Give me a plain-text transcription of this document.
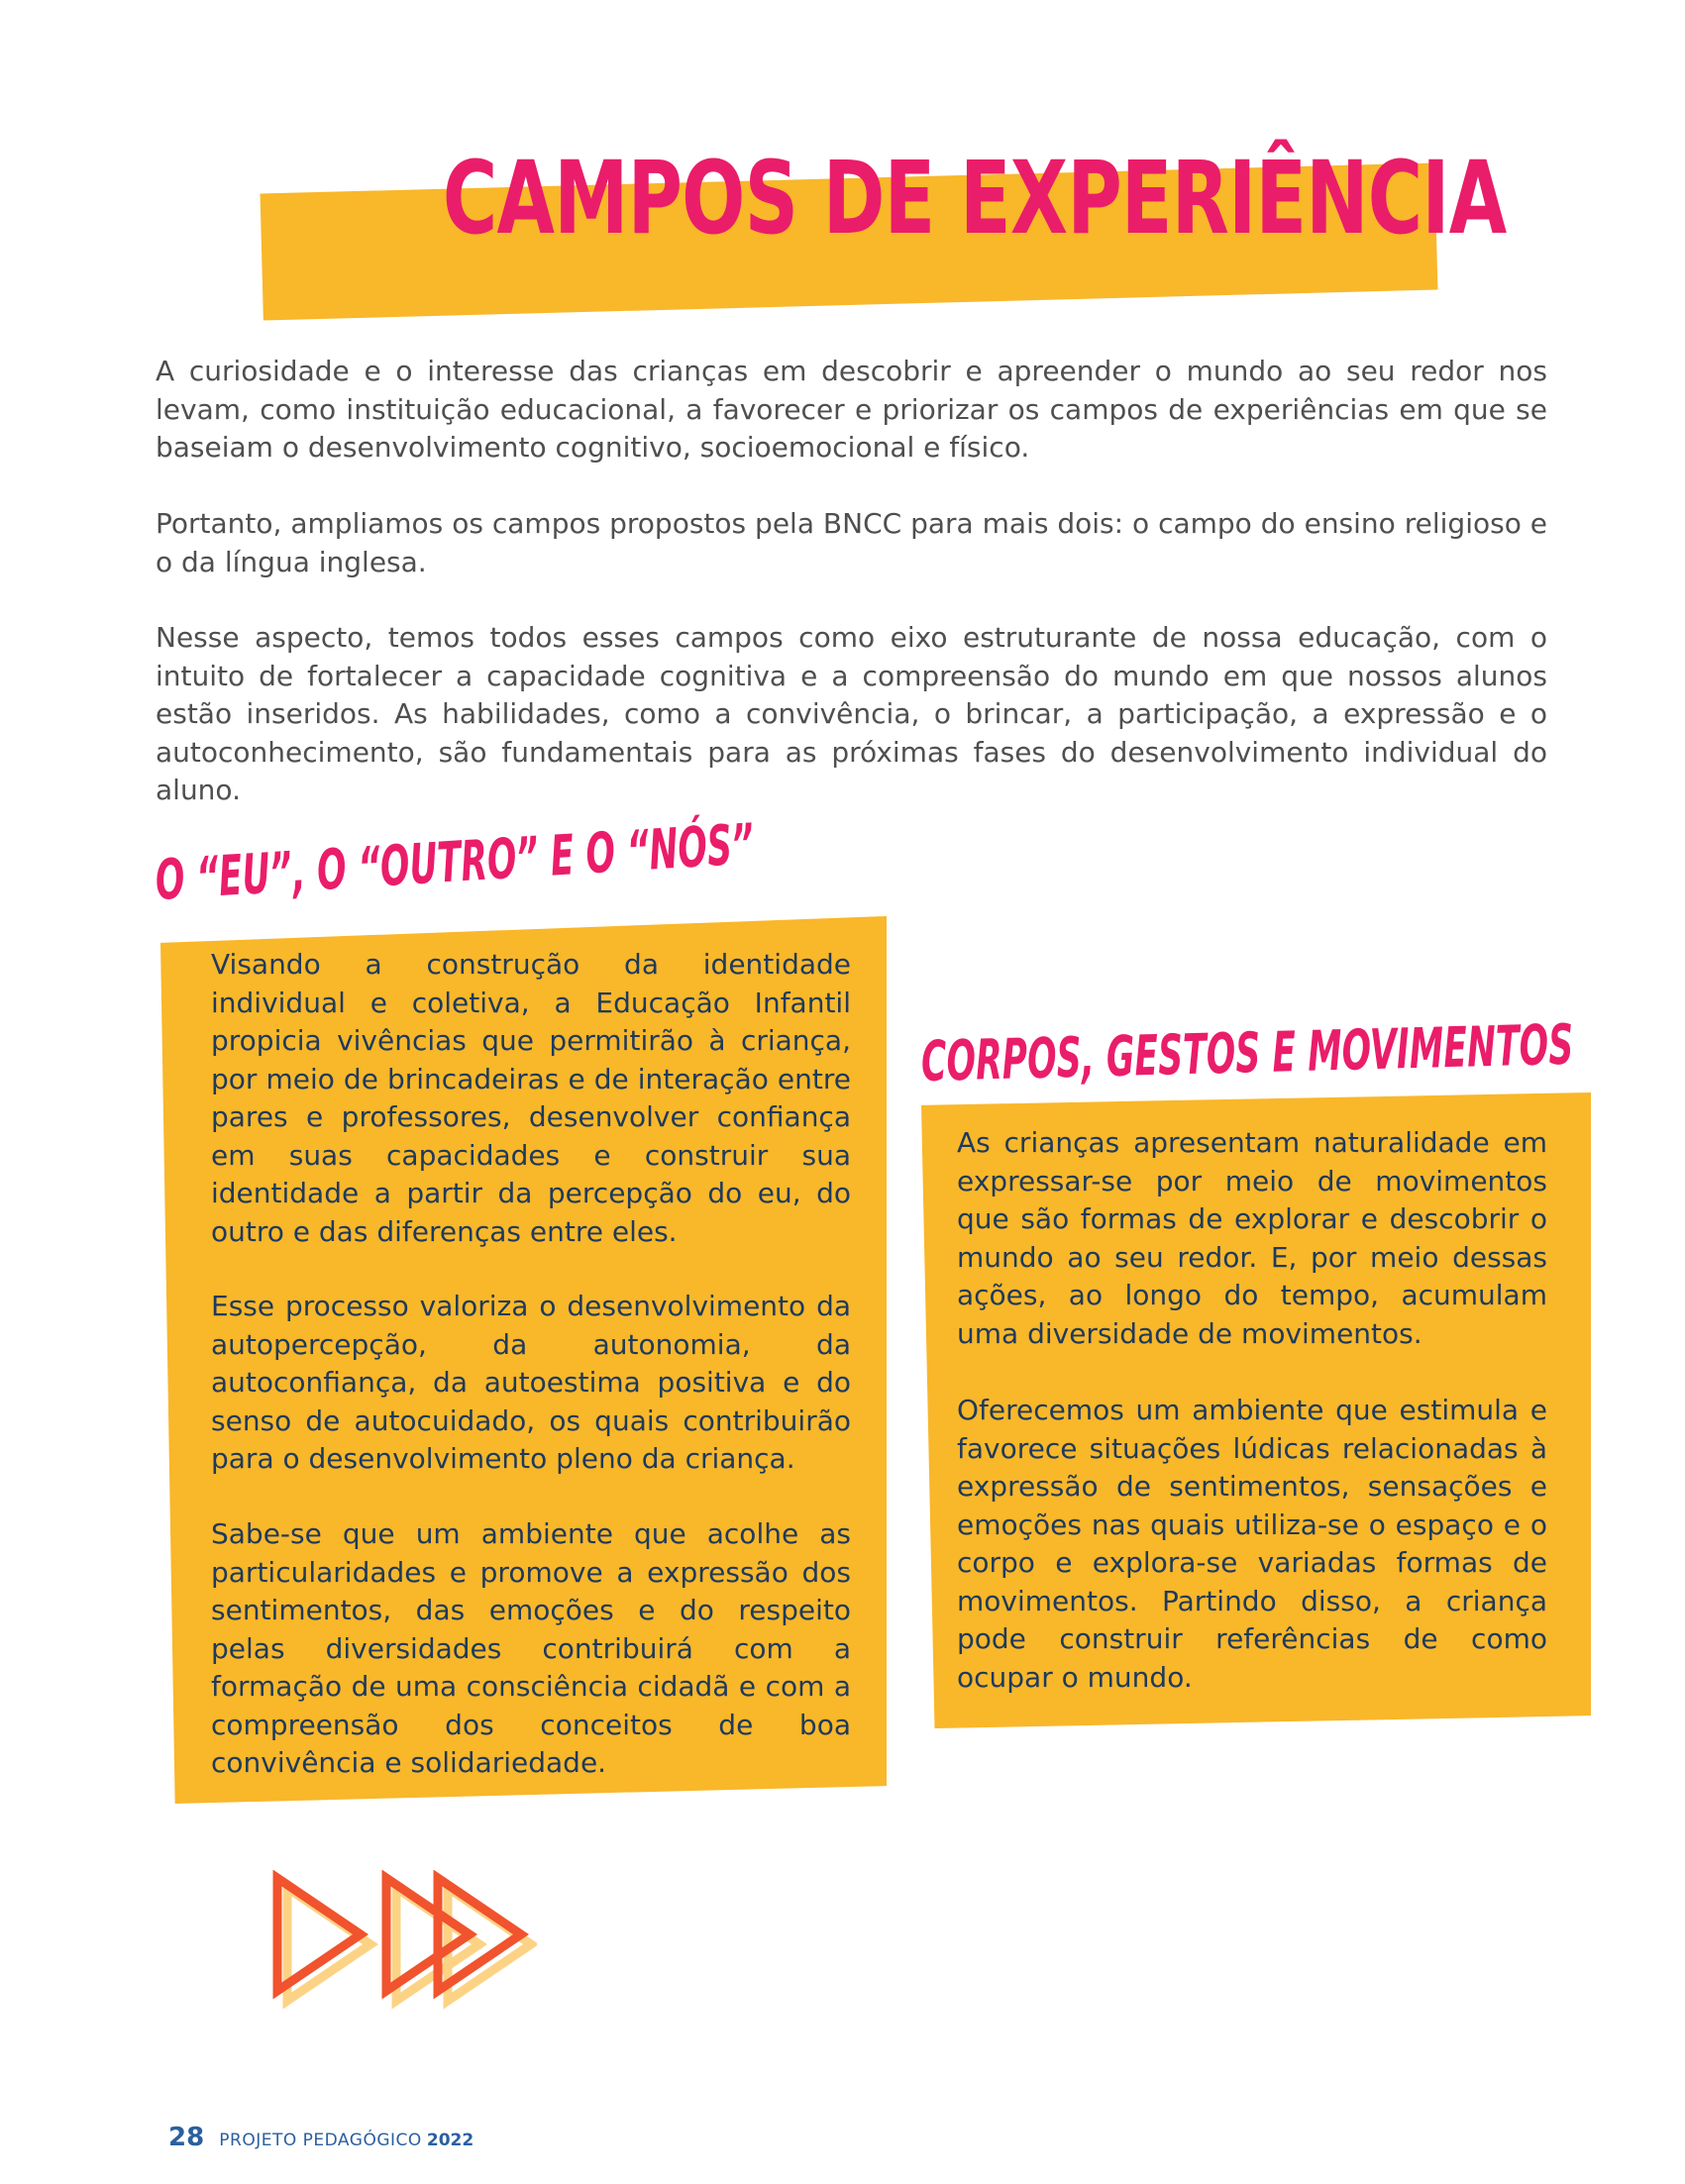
CAMPOS DE EXPERIÊNCIA

A curiosidade e o interesse das crianças em descobrir e apreender o mundo ao seu redor nos levam, como instituição educacional, a favorecer e priorizar os campos de experiências em que se baseiam o desenvolvimento cognitivo, socioemocional e físico.

Portanto, ampliamos os campos propostos pela BNCC para mais dois: o campo do ensino religioso e o da língua inglesa.

Nesse aspecto, temos todos esses campos como eixo estruturante de nossa educação, com o intuito de fortalecer a capacidade cognitiva e a compreensão do mundo em que nossos alunos estão inseridos. As habilidades, como a convivência, o brincar, a participação, a expressão e o autoconhecimento, são fundamentais para as próximas fases do desenvolvimento individual do aluno.

O “EU”, O “OUTRO” E O “NÓS”

Visando a construção da identidade individual e coletiva, a Educação Infantil propicia vivências que permitirão à criança, por meio de brincadeiras e de interação entre pares e professores, desenvolver confiança em suas capacidades e construir sua identidade a partir da percepção do eu, do outro e das diferenças entre eles.

Esse processo valoriza o desenvolvimento da autopercepção, da autonomia, da autoconfiança, da autoestima positiva e do senso de autocuidado, os quais contribuirão para o desenvolvimento pleno da criança.

Sabe-se que um ambiente que acolhe as particularidades e promove a expressão dos sentimentos, das emoções e do respeito pelas diversidades contribuirá com a formação de uma consciência cidadã e com a compreensão dos conceitos de boa convivência e solidariedade.

CORPOS, GESTOS E MOVIMENTOS

As crianças apresentam naturalidade em expressar-se por meio de movimentos que são formas de explorar e descobrir o mundo ao seu redor. E, por meio dessas ações, ao longo do tempo, acumulam uma diversidade de movimentos.

Oferecemos um ambiente que estimula e favorece situações lúdicas relacionadas à expressão de sentimentos, sensações e emoções nas quais utiliza-se o espaço e o corpo e explora-se variadas formas de movimentos. Partindo disso, a criança pode construir referências de como ocupar o mundo.

28 PROJETO PEDAGÓGICO 2022
